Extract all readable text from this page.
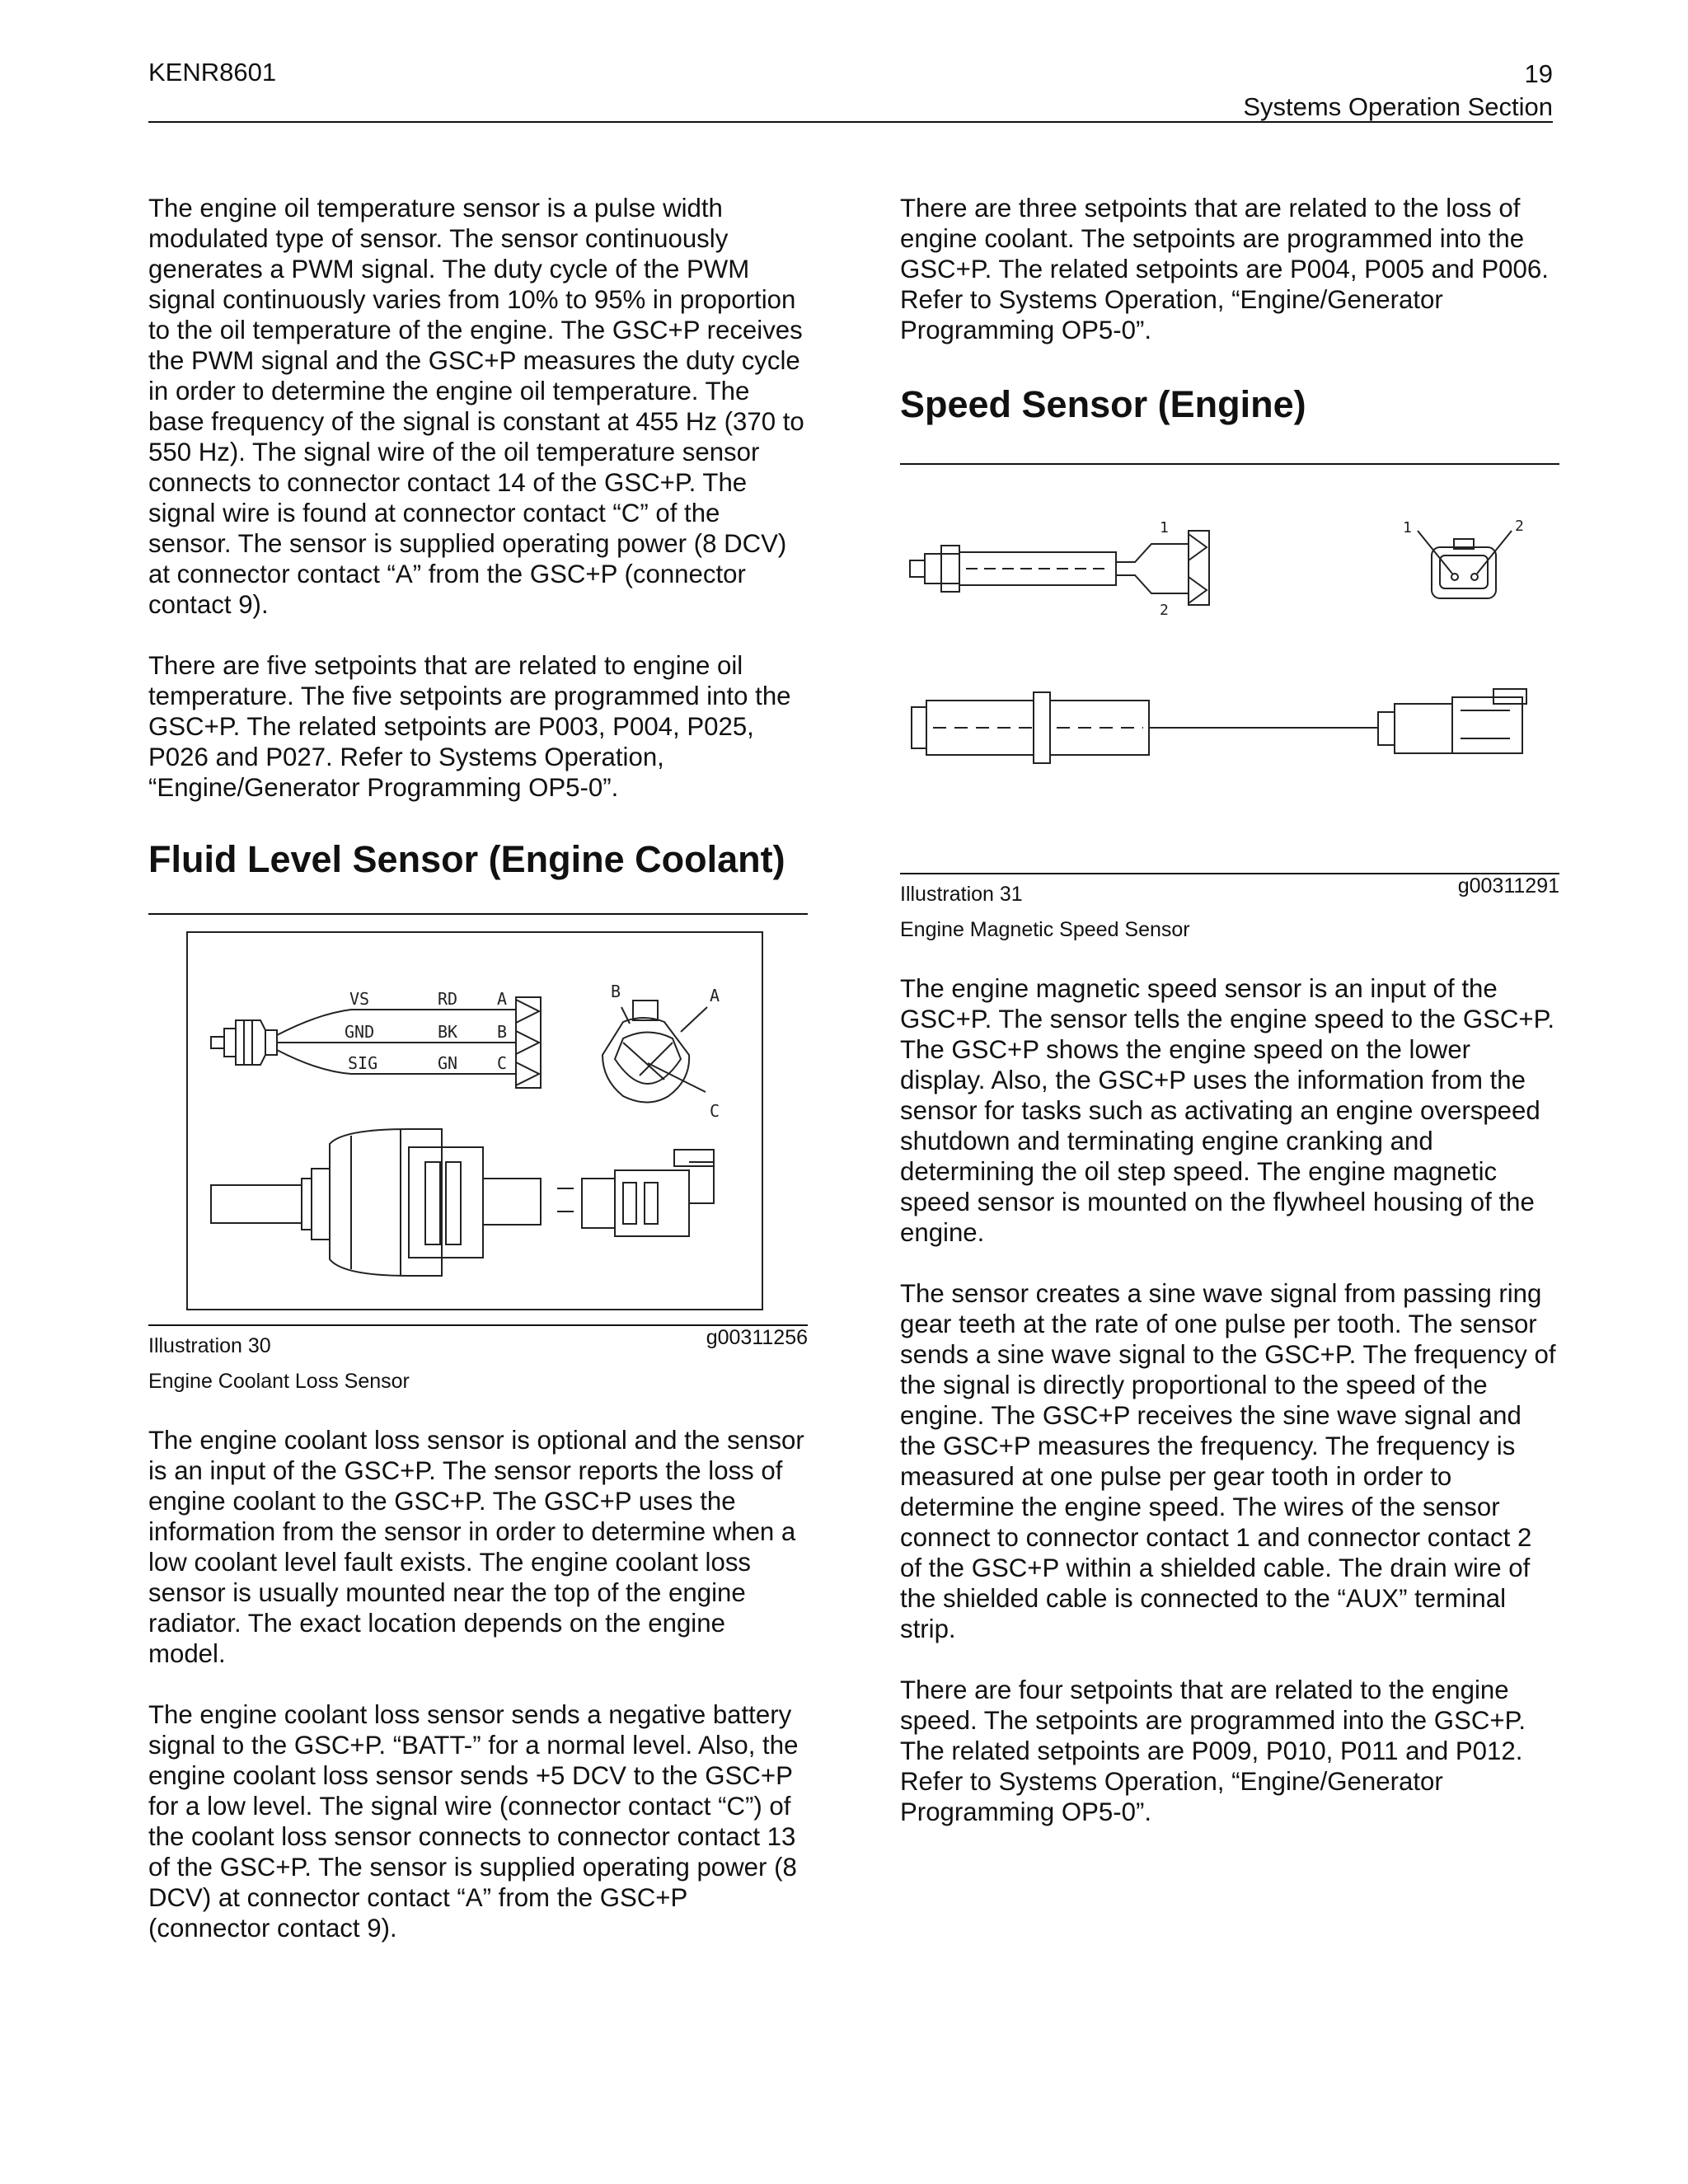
KENR8601	19
Systems Operation Section

The engine oil temperature sensor is a pulse width modulated type of sensor. The sensor continuously generates a PWM signal. The duty cycle of the PWM signal continuously varies from 10% to 95% in proportion to the oil temperature of the engine. The GSC+P receives the PWM signal and the GSC+P measures the duty cycle in order to determine the engine oil temperature. The base frequency of the signal is constant at 455 Hz (370 to 550 Hz). The signal wire of the oil temperature sensor connects to connector contact 14 of the GSC+P. The signal wire is found at connector contact “C” of the sensor. The sensor is supplied operating power (8 DCV) at connector contact “A” from the GSC+P (connector contact 9).

There are five setpoints that are related to engine oil temperature. The five setpoints are programmed into the GSC+P. The related setpoints are P003, P004, P025, P026 and P027. Refer to Systems Operation, “Engine/Generator Programming OP5-0”.

Fluid Level Sensor (Engine Coolant)
VS
GND
SIG
RD
BK
GN
A
B
C
B	A
C
Illustration 30	g00311256
Engine Coolant Loss Sensor

The engine coolant loss sensor is optional and the sensor is an input of the GSC+P. The sensor reports the loss of engine coolant to the GSC+P. The GSC+P uses the information from the sensor in order to determine when a low coolant level fault exists. The engine coolant loss sensor is usually mounted near the top of the engine radiator. The exact location depends on the engine model.

The engine coolant loss sensor sends a negative battery signal to the GSC+P. “BATT-” for a normal level. Also, the engine coolant loss sensor sends +5 DCV to the GSC+P for a low level. The signal wire (connector contact “C”) of the coolant loss sensor connects to connector contact 13 of the GSC+P. The sensor is supplied operating power (8 DCV) at connector contact “A” from the GSC+P (connector contact 9).

There are three setpoints that are related to the loss of engine coolant. The setpoints are programmed into the GSC+P. The related setpoints are P004, P005 and P006. Refer to Systems Operation, “Engine/Generator Programming OP5-0”.

Speed Sensor (Engine)
1
2
1	2
Illustration 31	g00311291
Engine Magnetic Speed Sensor

The engine magnetic speed sensor is an input of the GSC+P. The sensor tells the engine speed to the GSC+P. The GSC+P shows the engine speed on the lower display. Also, the GSC+P uses the information from the sensor for tasks such as activating an engine overspeed shutdown and terminating engine cranking and determining the oil step speed. The engine magnetic speed sensor is mounted on the flywheel housing of the engine.

The sensor creates a sine wave signal from passing ring gear teeth at the rate of one pulse per tooth. The sensor sends a sine wave signal to the GSC+P. The frequency of the signal is directly proportional to the speed of the engine. The GSC+P receives the sine wave signal and the GSC+P measures the frequency. The frequency is measured at one pulse per gear tooth in order to determine the engine speed. The wires of the sensor connect to connector contact 1 and connector contact 2 of the GSC+P within a shielded cable. The drain wire of the shielded cable is connected to the “AUX” terminal strip.

There are four setpoints that are related to the engine speed. The setpoints are programmed into the GSC+P. The related setpoints are P009, P010, P011 and P012. Refer to Systems Operation, “Engine/Generator Programming OP5-0”.
